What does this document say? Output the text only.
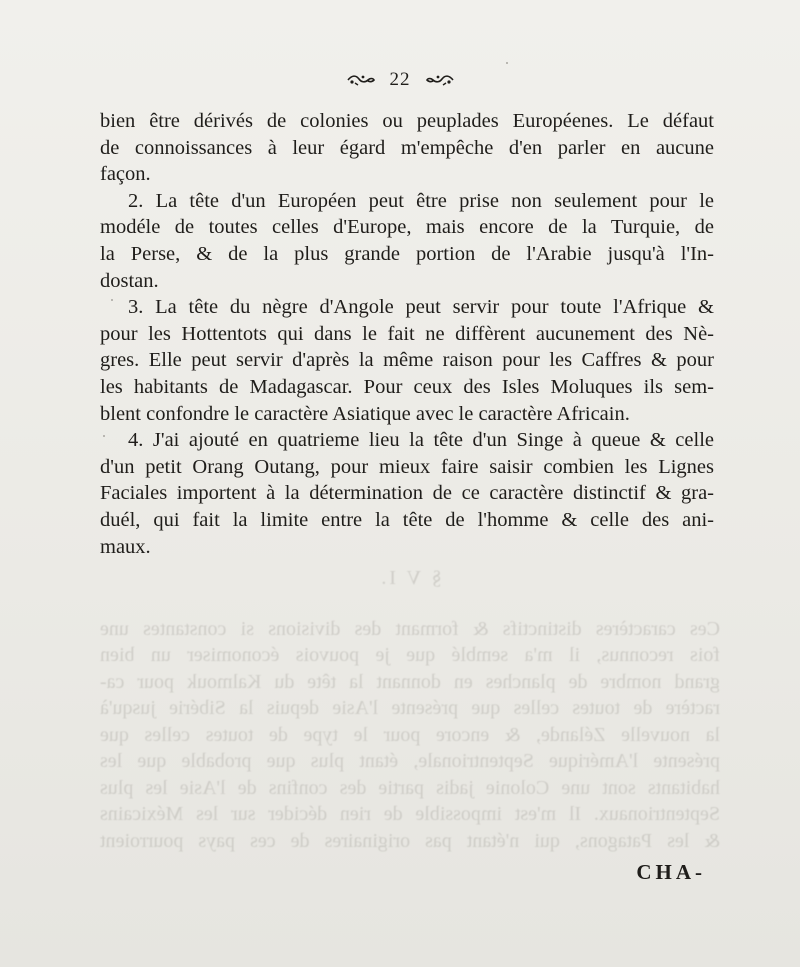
§ V I.

Ces caractères distinctifs & formant des divisions si constantes une

fois reconnus, il m'a semblé que je pouvois économiser un bien

grand nombre de planches en donnant la tête du Kalmouk pour ca-

ractère de toutes celles que présente l'Asie depuis la Sibérie jusqu'à

la nouvelle Zélande, & encore pour le type de toutes celles que

présente l'Amérique Septentrionale, étant plus que probable que les

habitants sont une Colonie jadis partie des confins de l'Asie les plus

Septentrionaux. Il m'est impossible de rien décider sur les Méxicains

& les Patagons, qui n'étant pas originaires de ces pays pourroient

22
bien être dérivés de colonies ou peuplades Européenes. Le défaut
de connoissances à leur égard m'empêche d'en parler en aucune
façon.
2. La tête d'un Européen peut être prise non seulement pour le
modéle de toutes celles d'Europe, mais encore de la Turquie, de
la Perse, & de la plus grande portion de l'Arabie jusqu'à l'In-
dostan.
3. La tête du nègre d'Angole peut servir pour toute l'Afrique &
pour les Hottentots qui dans le fait ne diffèrent aucunement des Nè-
gres. Elle peut servir d'après la même raison pour les Caffres & pour
les habitants de Madagascar. Pour ceux des Isles Moluques ils sem-
blent confondre le caractère Asiatique avec le caractère Africain.
4. J'ai ajouté en quatrieme lieu la tête d'un Singe à queue & celle
d'un petit Orang Outang, pour mieux faire saisir combien les Lignes
Faciales importent à la détermination de ce caractère distinctif & gra-
duél, qui fait la limite entre la tête de l'homme & celle des ani-
maux.
CHA-
